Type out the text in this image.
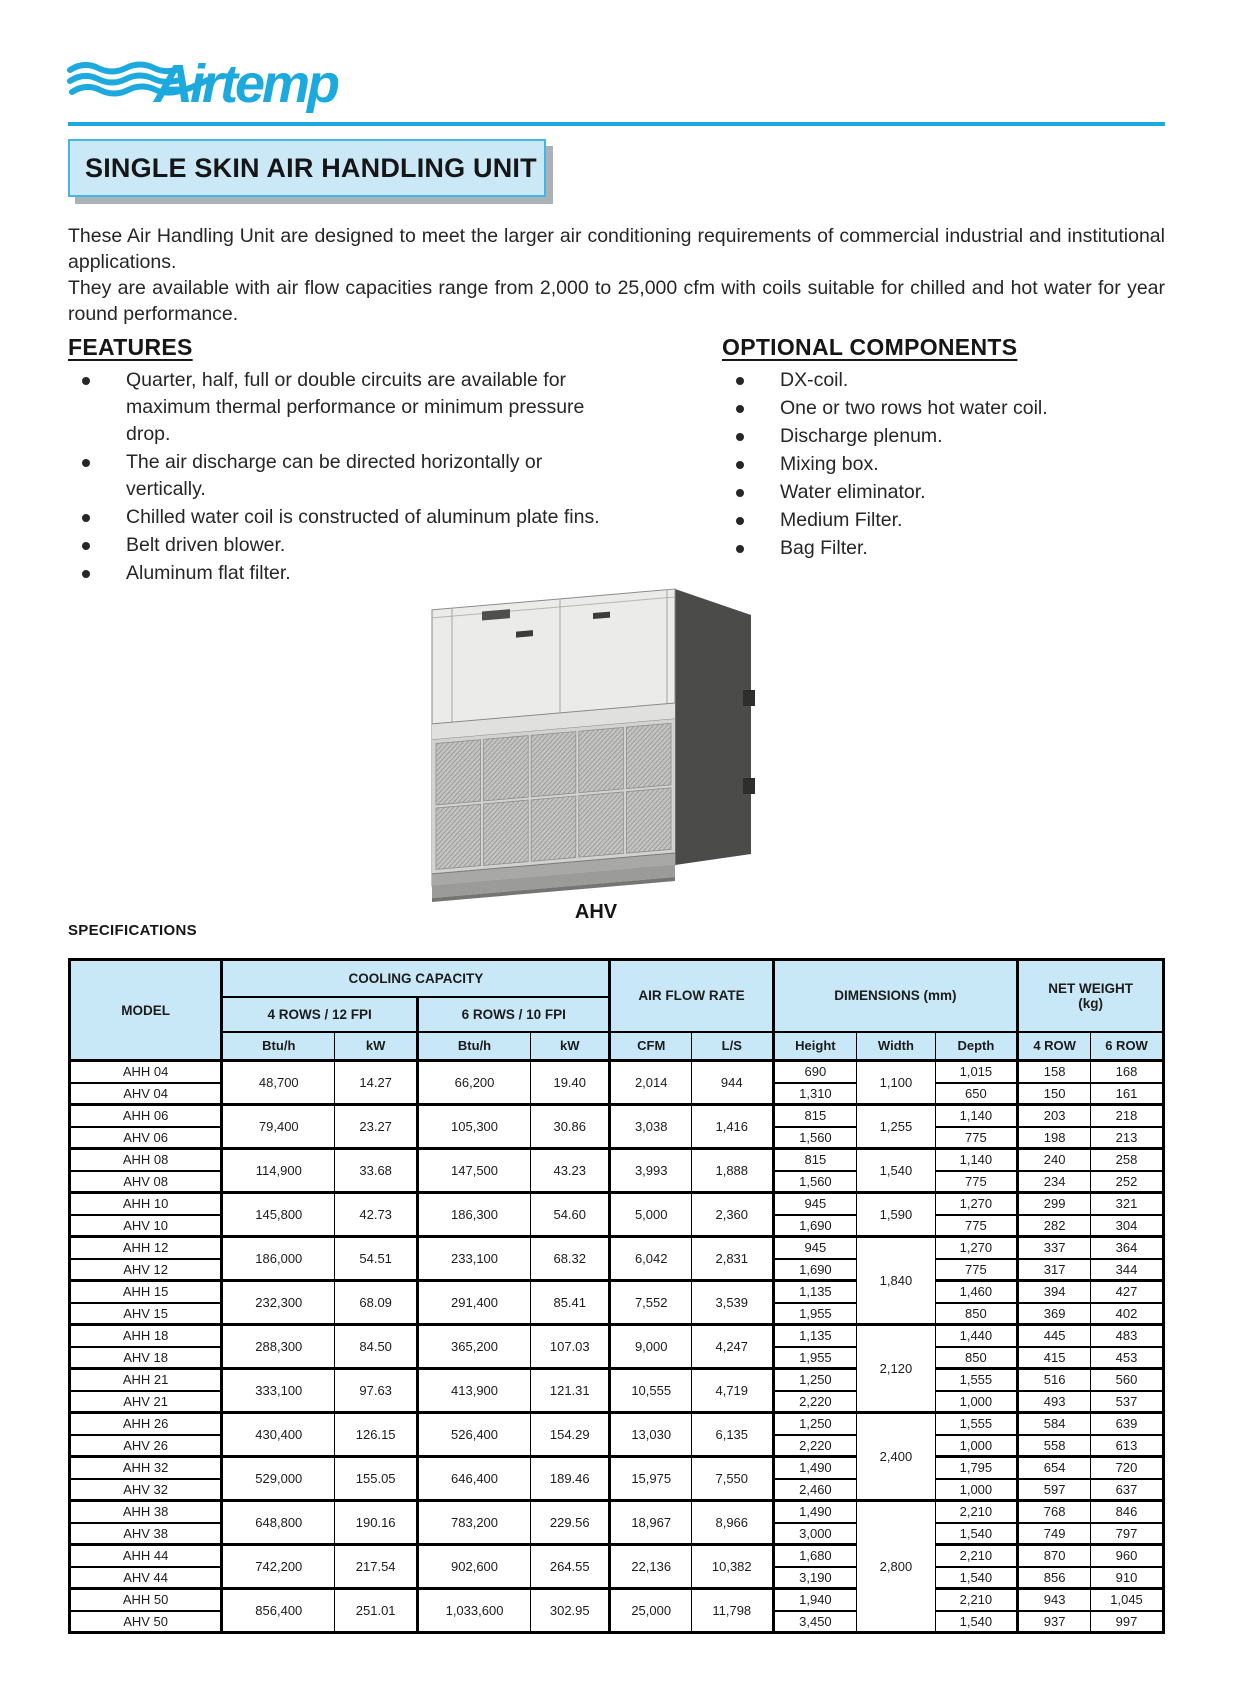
Airtemp
SINGLE SKIN AIR HANDLING UNIT

These Air Handling Unit are designed to meet the larger air conditioning requirements of commercial industrial and institutional applications.

They are available with air flow capacities range from 2,000 to 25,000 cfm with coils suitable for chilled and hot water for year round performance.

FEATURES
Quarter, half, full or double circuits are available for maximum thermal performance or minimum pressure drop.
The air discharge can be directed horizontally or vertically.
Chilled water coil is constructed of aluminum plate fins.
Belt driven blower.
Aluminum flat filter.
OPTIONAL COMPONENTS
DX-coil.
One or two rows hot water coil.
Discharge plenum.
Mixing box.
Water eliminator.
Medium Filter.
Bag Filter.
AHV
SPECIFICATIONS
MODEL	COOLING CAPACITY				AIR FLOW RATE		DIMENSIONS (mm)			NET WEIGHT
(kg)	

	4 ROWS / 12 FPI		6 ROWS / 10 FPI								
	Btu/h	kW	Btu/h	kW	CFM	L/S	Height	Width	Depth	4 ROW	6 ROW
AHH 04	48,700	14.27	66,200	19.40	2,014	944	690	1,100	1,015	158	168
AHV 04							1,310		650	150	161
AHH 06	79,400	23.27	105,300	30.86	3,038	1,416	815	1,255	1,140	203	218
AHV 06							1,560		775	198	213
AHH 08	114,900	33.68	147,500	43.23	3,993	1,888	815	1,540	1,140	240	258
AHV 08							1,560		775	234	252
AHH 10	145,800	42.73	186,300	54.60	5,000	2,360	945	1,590	1,270	299	321
AHV 10							1,690		775	282	304
AHH 12	186,000	54.51	233,100	68.32	6,042	2,831	945	1,840	1,270	337	364
AHV 12							1,690		775	317	344
AHH 15	232,300	68.09	291,400	85.41	7,552	3,539	1,135		1,460	394	427
AHV 15							1,955		850	369	402
AHH 18	288,300	84.50	365,200	107.03	9,000	4,247	1,135	2,120	1,440	445	483
AHV 18							1,955		850	415	453
AHH 21	333,100	97.63	413,900	121.31	10,555	4,719	1,250		1,555	516	560
AHV 21							2,220		1,000	493	537
AHH 26	430,400	126.15	526,400	154.29	13,030	6,135	1,250	2,400	1,555	584	639
AHV 26							2,220		1,000	558	613
AHH 32	529,000	155.05	646,400	189.46	15,975	7,550	1,490		1,795	654	720
AHV 32							2,460		1,000	597	637
AHH 38	648,800	190.16	783,200	229.56	18,967	8,966	1,490	2,800	2,210	768	846
AHV 38							3,000		1,540	749	797
AHH 44	742,200	217.54	902,600	264.55	22,136	10,382	1,680		2,210	870	960
AHV 44							3,190		1,540	856	910
AHH 50	856,400	251.01	1,033,600	302.95	25,000	11,798	1,940		2,210	943	1,045
AHV 50							3,450		1,540	937	997
